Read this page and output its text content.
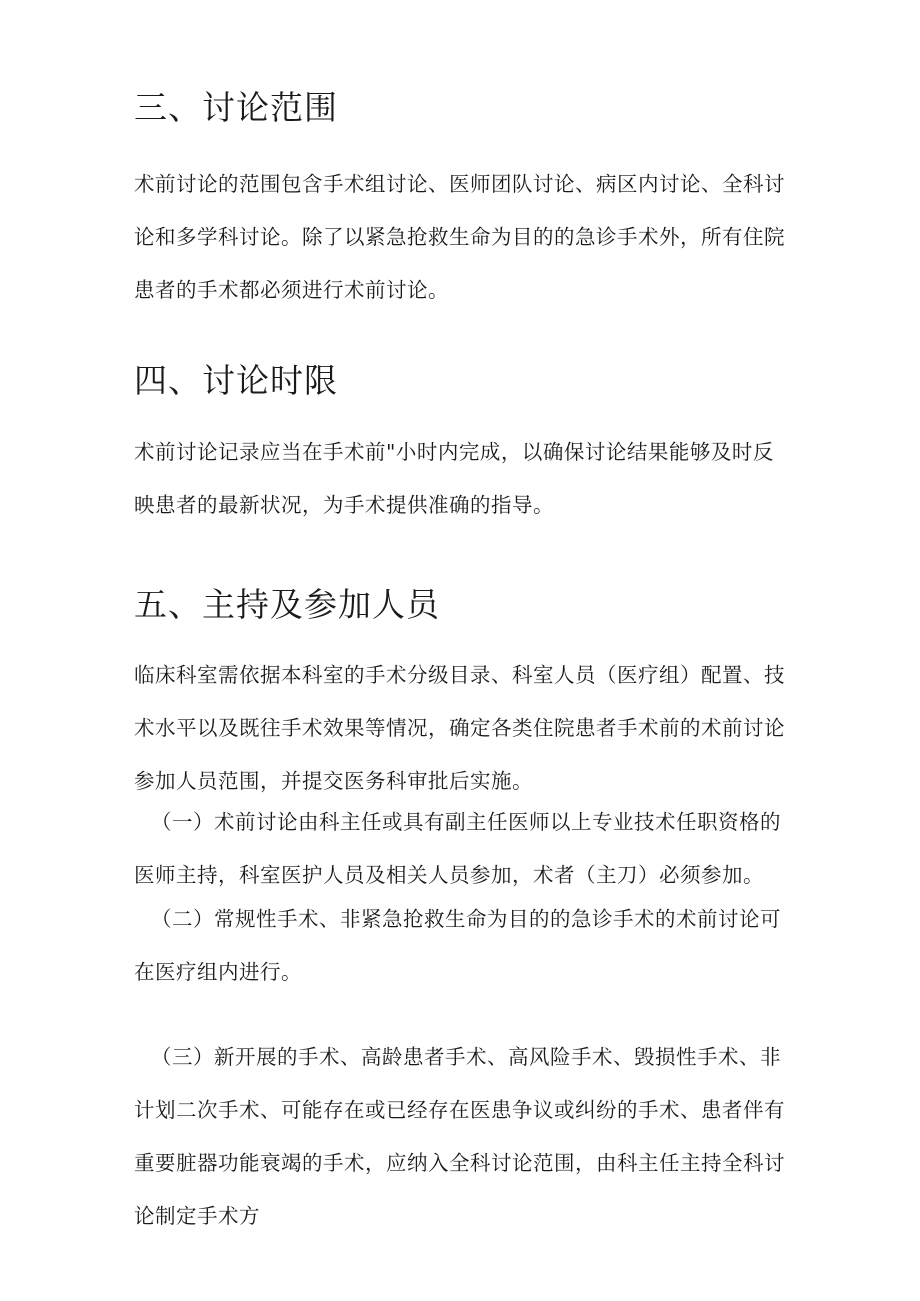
三、讨论范围

术前讨论的范围包含手术组讨论、医师团队讨论、病区内讨论、全科讨论和多学科讨论。除了以紧急抢救生命为目的的急诊手术外，所有住院患者的手术都必须进行术前讨论。

四、讨论时限

术前讨论记录应当在手术前"小时内完成，以确保讨论结果能够及时反映患者的最新状况，为手术提供准确的指导。

五、主持及参加人员

临床科室需依据本科室的手术分级目录、科室人员（医疗组）配置、技术水平以及既往手术效果等情况，确定各类住院患者手术前的术前讨论参加人员范围，并提交医务科审批后实施。

（一）术前讨论由科主任或具有副主任医师以上专业技术任职资格的医师主持，科室医护人员及相关人员参加，术者（主刀）必须参加。

（二）常规性手术、非紧急抢救生命为目的的急诊手术的术前讨论可在医疗组内进行。

（三）新开展的手术、高龄患者手术、高风险手术、毁损性手术、非计划二次手术、可能存在或已经存在医患争议或纠纷的手术、患者伴有重要脏器功能衰竭的手术，应纳入全科讨论范围，由科主任主持全科讨论制定手术方
